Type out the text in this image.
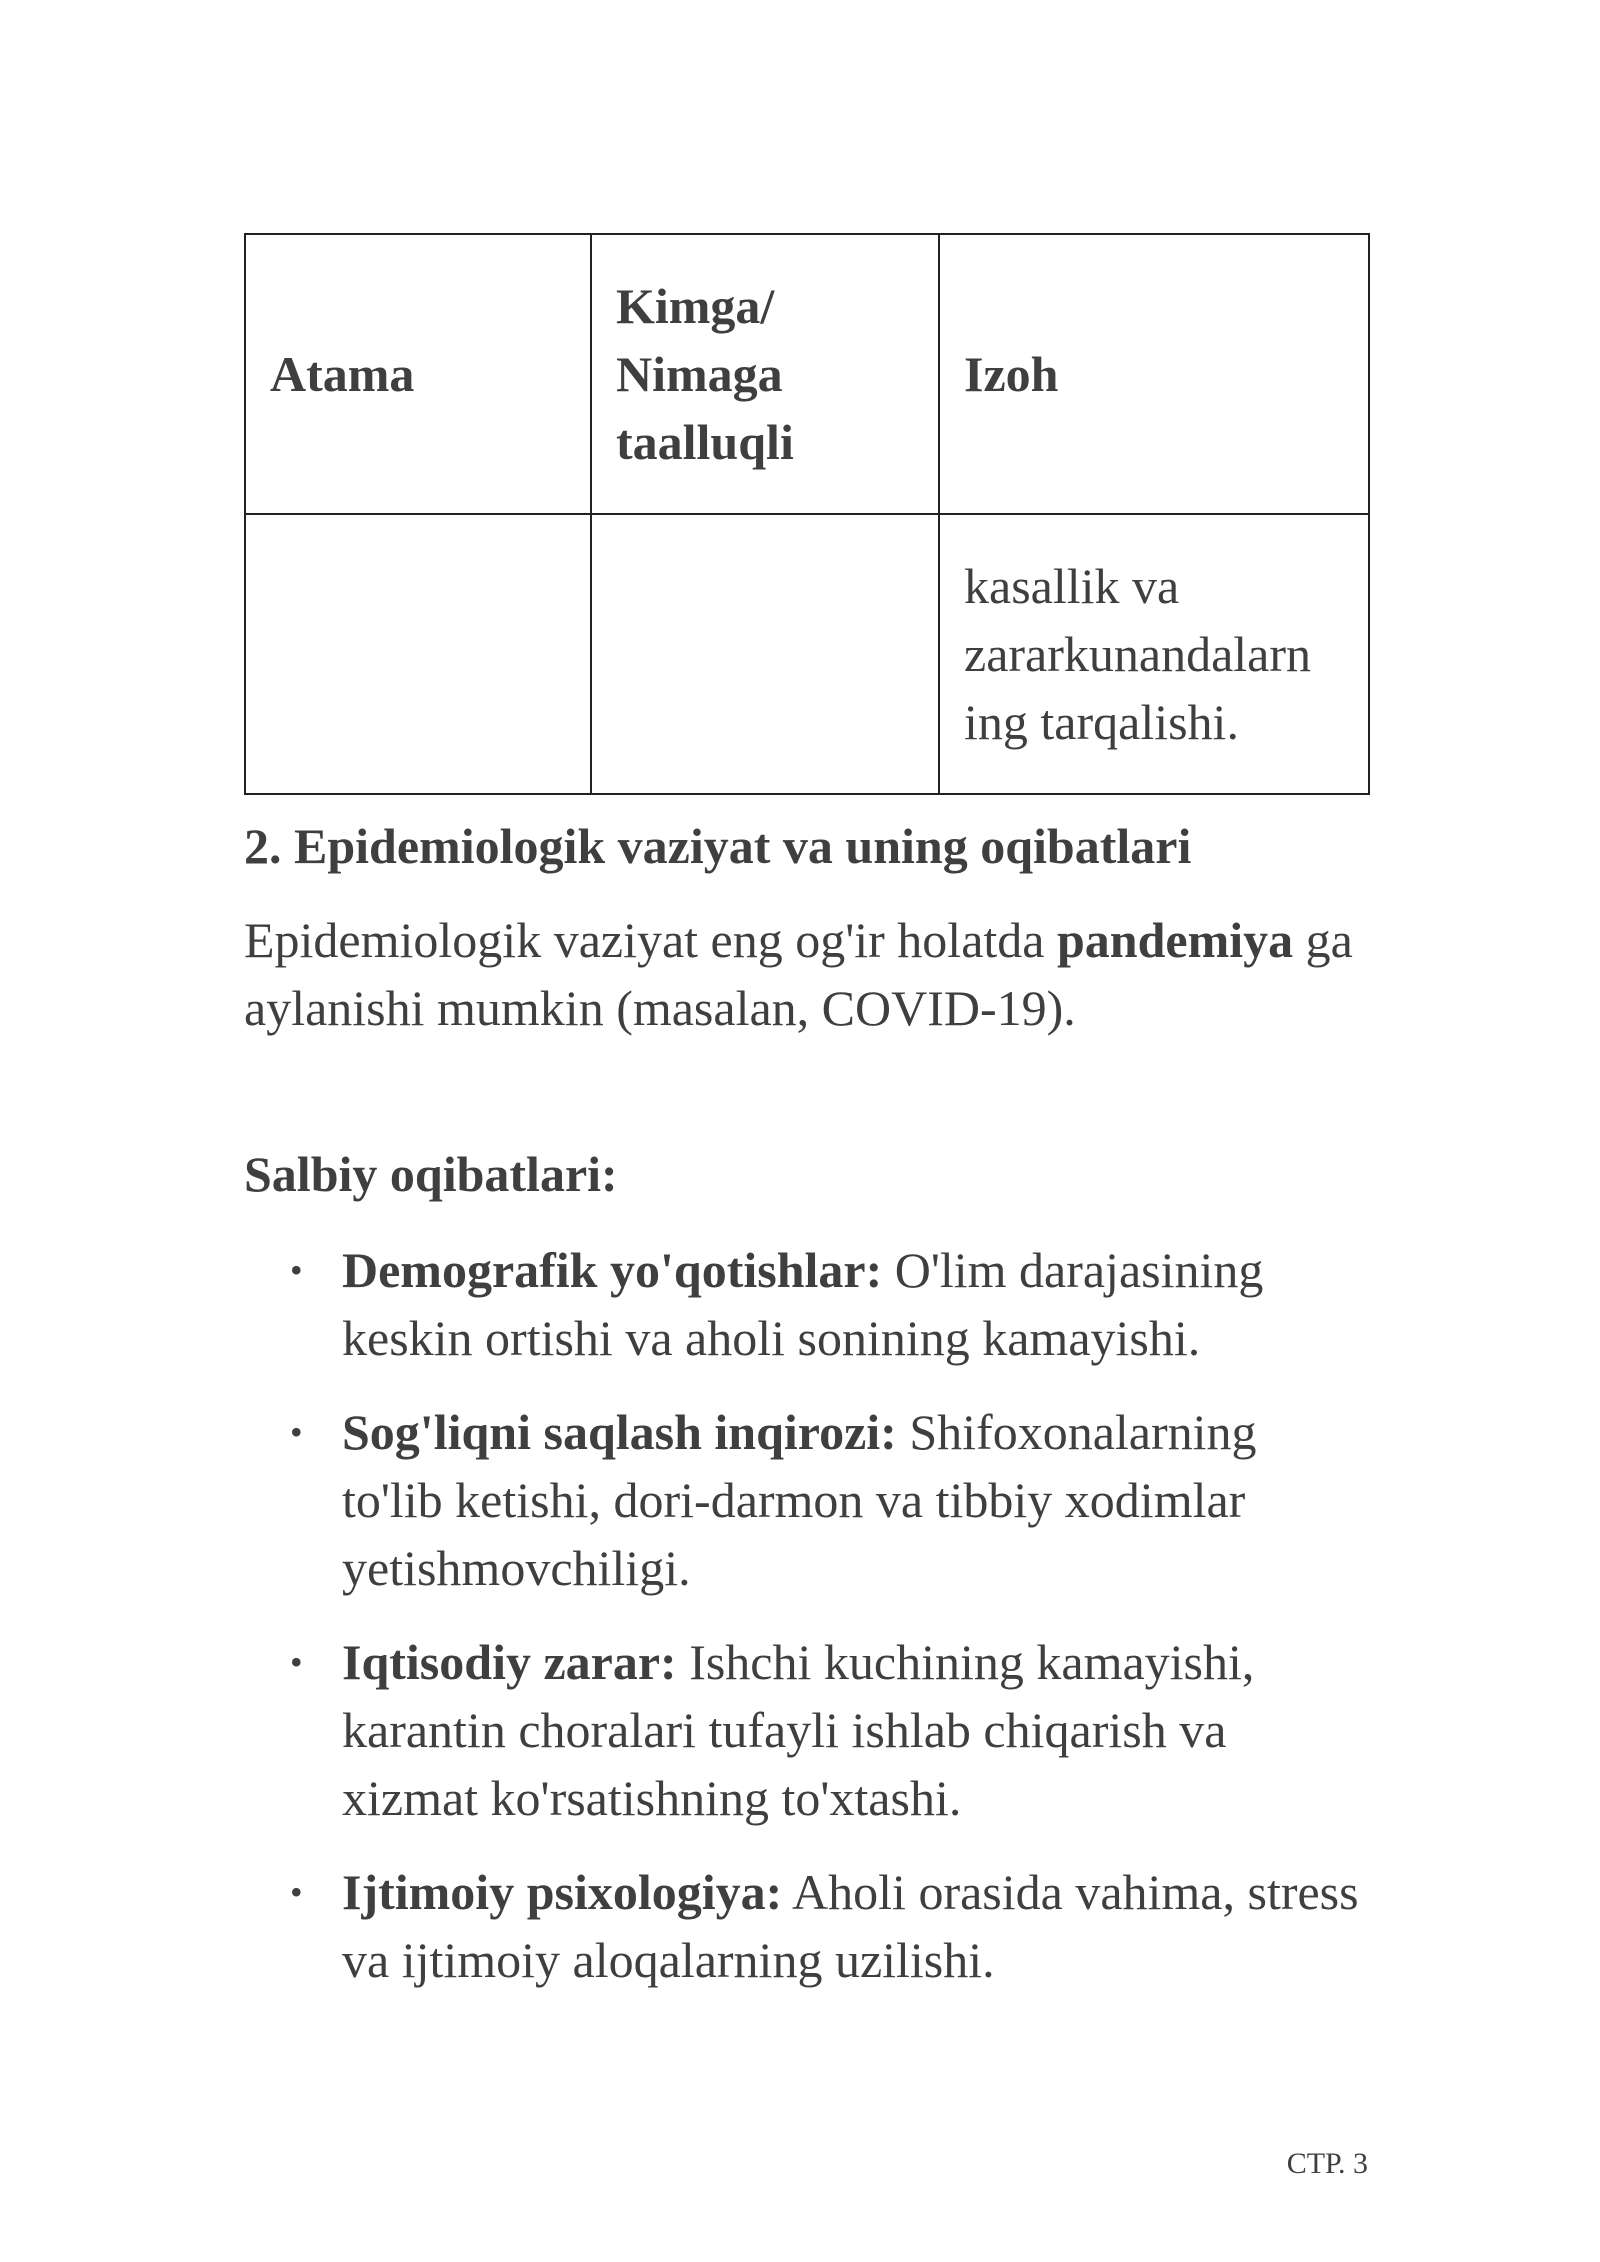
Atama	Kimga/ Nimaga taalluqli	Izoh
		kasallik va zararkunandalarn ing tarqalishi.
2. Epidemiologik vaziyat va uning oqibatlari

Epidemiologik vaziyat eng og'ir holatda pandemiya ga aylanishi mumkin (masalan, COVID-19).

Salbiy oqibatlari:
• Demografik yo'qotishlar: O'lim darajasining keskin ortishi va aholi sonining kamayishi.
• Sog'liqni saqlash inqirozi: Shifoxonalarning to'lib ketishi, dori-darmon va tibbiy xodimlar yetishmovchiligi.
• Iqtisodiy zarar: Ishchi kuchining kamayishi, karantin choralari tufayli ishlab chiqarish va xizmat ko'rsatishning to'xtashi.
• Ijtimoiy psixologiya: Aholi orasida vahima, stress va ijtimoiy aloqalarning uzilishi.
СТР. 3
